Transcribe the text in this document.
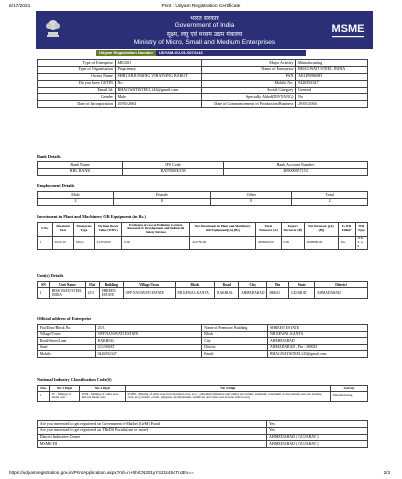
6/17/2021	Print : Udyam Registration Certificate
भारत सरकार
Government of India
सूक्ष्म, लघु एवं मध्यम उद्यम मंत्रालय
Ministry of Micro, Small and Medium Enterprises
MSME
Udyam Registration Number	UDYAM-GJ-01-0074143
Type of Enterprise	MICRO	Major Activity	Manufacturing
Type of Organisation	Proprietary	Name of Enterprise	BHAGWATI STEEL INDIA
Owner Name	SHRI ARJUNSING VIRATSING BAROT	PAN	AELPB9069D
Do you have GSTIN	No	Mobile No.	9426592347
Email Id:	BHAGWATISTEEL143@gmail.com	Social Category	General
Gender	Male	Specially Abled(DIVYANG)	No
Date of Incorporation	29/05/2004	Date of Commencement of Production/Business	29/05/2004
Bank Details
Bank Name	IFS Code	Bank Account Number
RBL BANK	RATN0000158	409000857153
Employment Details
Male	Female	Other	Total
2	0	0	2
Investment in Plant and Machinery OR Equipment (in Rs.)
S.No.	Financial Year	Enterprise Type	Written Down Value (WDV)	Exclusion of cost of Pollution Control, Research & Development and Industrial Safety Devices	Net Investment in Plant and Machinery OR Equipment[(A)-(B)]	Total Turnover (A)	Export Turnover (B)	Net Turnover [(A)-(B)]	Is ITR Filled?	ITR Type
1	2019-20	Micro	414750.00	0.00	414750.00	2066069.00	0.00	2066069.00	Yes	ITR-3, 4, 6
Unit(s) Details
SN	Unit Name	Flat	Building	Village/Town	Block	Road	City	Pin	State	District
1	BHAGWATI STEEL INDIA	25/3	SHREEN ESTATE	OPP NANAVATI ESTATE	NR KEWAL KANTA	RAKHIAL	AHMEDABAD	380023	GUJARAT	AHMADABAD
Official address of Enterprise
Flat/Door/Block No.	25/3	Name of Premises/ Building	SHREEN ESTATE
Village/Town	OPP NANAVATI ESTATE	Block	NR KEWAL KANTA
Road/Street/Lane	RAKHIAL	City	AHMEDABAD
State	GUJARAT	District	AHMADABAD , Pin : 380023
Mobile	9426592347	Email:	BHAGWATISTEEL143@gmail.com
National Industry Classification Code(S)
SNo.	Nic 2 Digit	Nic 4 Digit	Nic 5 Digit	Activity
1	07 - Mining of metal ores	0729 - Mining of other non-ferrous metal ores	07299 - Mining of other non-ferrous metal ores, n.e.c. [titanium (ilmenite and rutile) zirconium, tantalum, vanadium or niocobium ores; tin bearing ores; etc], nickel, cobalt, tungsten, molybdenum, antimony and other non-ferrous metal ores]	Manufacturing
Are you interested to get registered on Government e-Market (GeM) Portal	Yes
Are you interested to get registered on TReDS Portals(one or more)	Yes
District Industries Centre	AHMEDABAD ( GUJARAT )
MSME-DI	AHMEDABAD ( GUJARAT )
https://udyamregistration.gov.in/PrintApplication.aspx?rId=n+6hiCN301yY3J3c45cTnJEv==	2/3
